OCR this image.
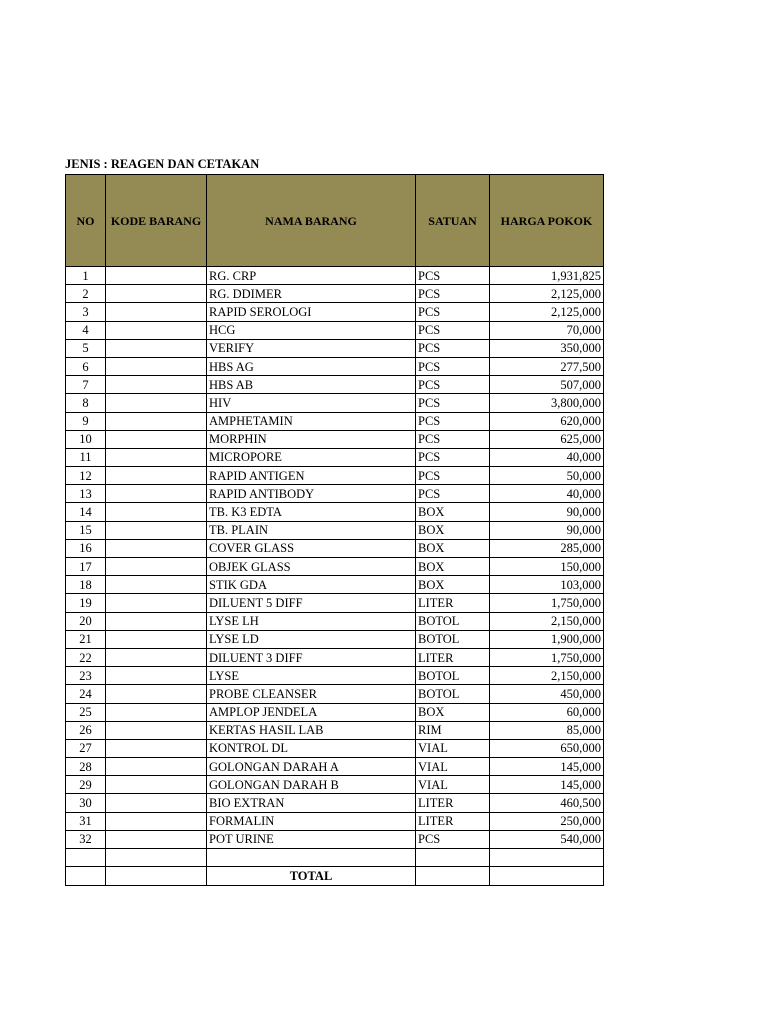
JENIS : REAGEN DAN CETAKAN
NO	KODE BARANG	NAMA BARANG	SATUAN	HARGA POKOK
1		RG. CRP	PCS	1,931,825
2		RG. DDIMER	PCS	2,125,000
3		RAPID SEROLOGI	PCS	2,125,000
4		HCG	PCS	70,000
5		VERIFY	PCS	350,000
6		HBS AG	PCS	277,500
7		HBS AB	PCS	507,000
8		HIV	PCS	3,800,000
9		AMPHETAMIN	PCS	620,000
10		MORPHIN	PCS	625,000
11		MICROPORE	PCS	40,000
12		RAPID ANTIGEN	PCS	50,000
13		RAPID ANTIBODY	PCS	40,000
14		TB. K3 EDTA	BOX	90,000
15		TB. PLAIN	BOX	90,000
16		COVER GLASS	BOX	285,000
17		OBJEK GLASS	BOX	150,000
18		STIK GDA	BOX	103,000
19		DILUENT 5 DIFF	LITER	1,750,000
20		LYSE LH	BOTOL	2,150,000
21		LYSE LD	BOTOL	1,900,000
22		DILUENT 3 DIFF	LITER	1,750,000
23		LYSE	BOTOL	2,150,000
24		PROBE CLEANSER	BOTOL	450,000
25		AMPLOP JENDELA	BOX	60,000
26		KERTAS HASIL LAB	RIM	85,000
27		KONTROL DL	VIAL	650,000
28		GOLONGAN DARAH A	VIAL	145,000
29		GOLONGAN DARAH B	VIAL	145,000
30		BIO EXTRAN	LITER	460,500
31		FORMALIN	LITER	250,000
32		POT URINE	PCS	540,000

		TOTAL		
